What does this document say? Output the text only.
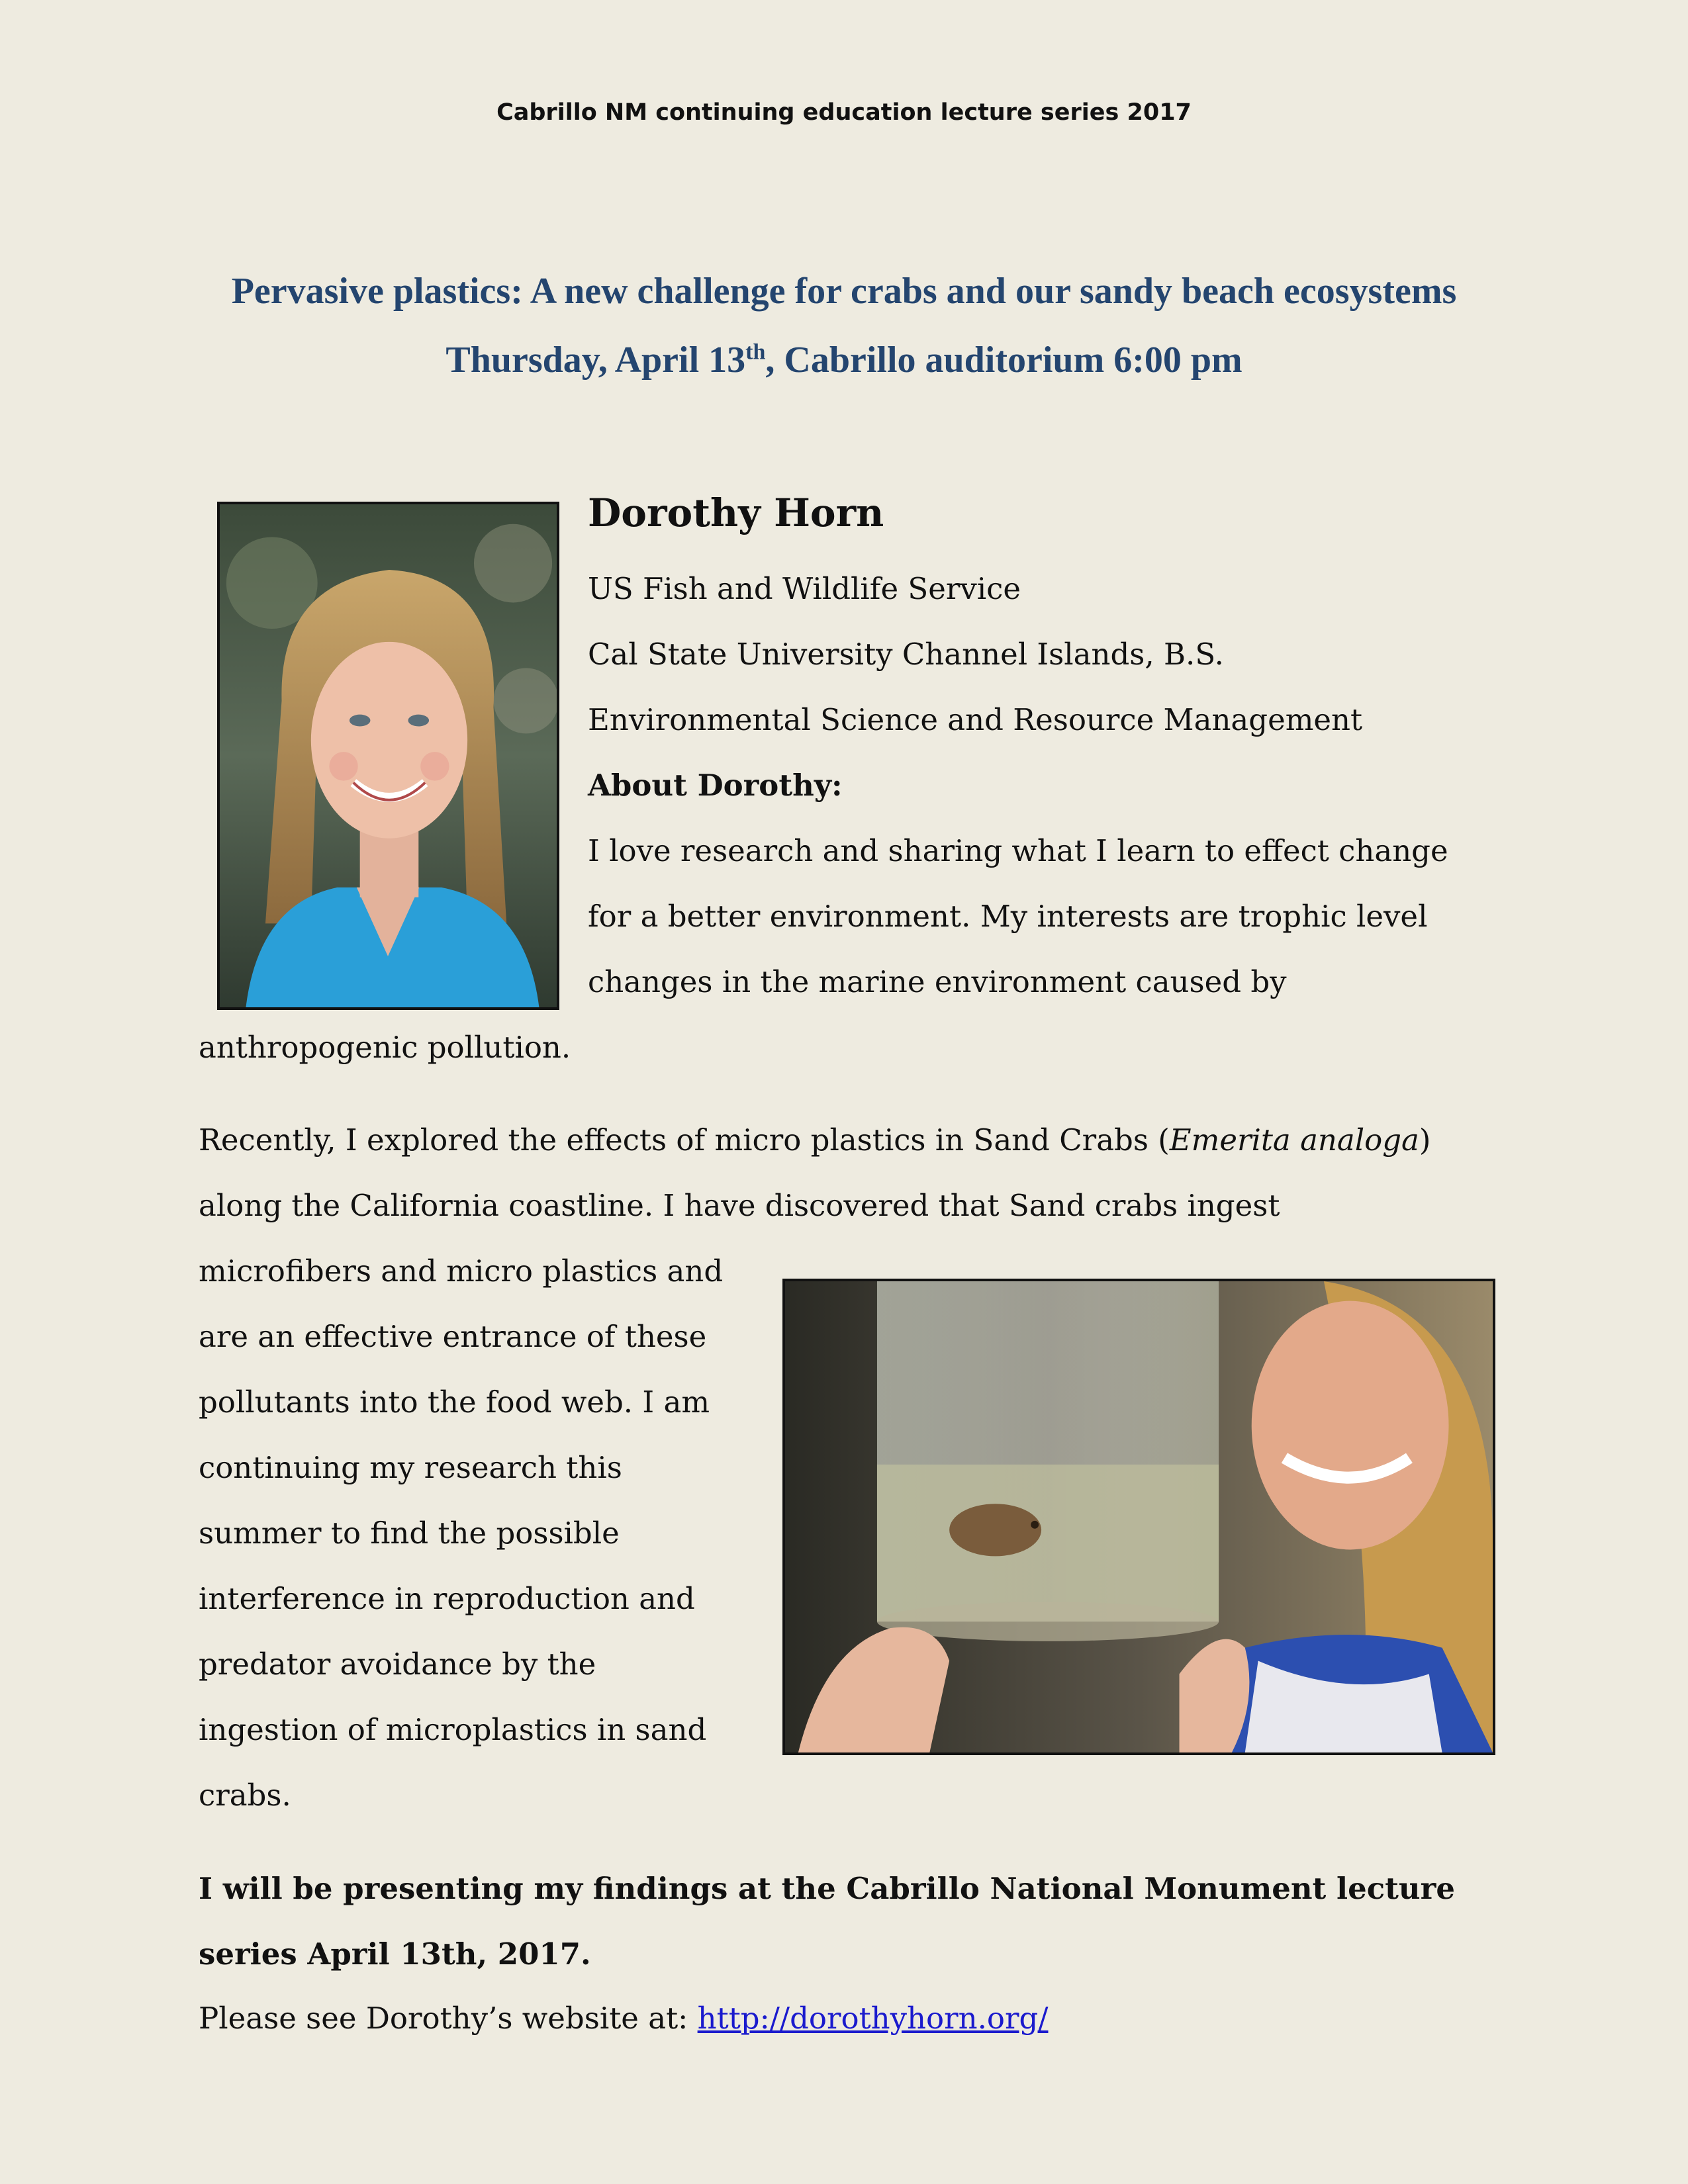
Cabrillo NM continuing education lecture series 2017
Pervasive plastics: A new challenge for crabs and our sandy beach ecosystems
Thursday, April 13th, Cabrillo auditorium 6:00 pm
Dorothy Horn
US Fish and Wildlife Service
Cal State University Channel Islands, B.S.
Environmental Science and Resource Management
About Dorothy:
I love research and sharing what I learn to effect change
for a better environment. My interests are trophic level
changes in the marine environment caused by
anthropogenic pollution.
Recently, I explored the effects of micro plastics in Sand Crabs (Emerita analoga)
along the California coastline. I have discovered that Sand crabs ingest
microfibers and micro plastics and
are an effective entrance of these
pollutants into the food web. I am
continuing my research this
summer to find the possible
interference in reproduction and
predator avoidance by the
ingestion of microplastics in sand
crabs.
I will be presenting my findings at the Cabrillo National Monument lecture
series April 13th, 2017.
Please see Dorothy’s website at: http://dorothyhorn.org/
